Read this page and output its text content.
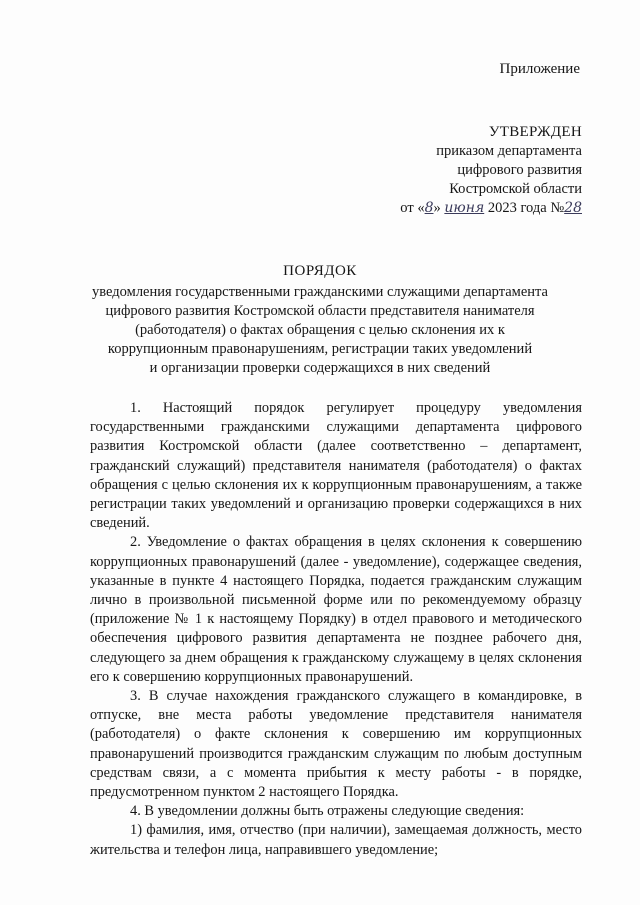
Приложение
УТВЕРЖДЕН
приказом департамента
цифрового развития
Костромской области
от «8» июня 2023 года №28
ПОРЯДОК
уведомления государственными гражданскими служащими департамента
цифрового развития Костромской области представителя нанимателя
(работодателя) о фактах обращения с целью склонения их к
коррупционным правонарушениям, регистрации таких уведомлений
и организации проверки содержащихся в них сведений

1. Настоящий порядок регулирует процедуру уведомления государственными гражданскими служащими департамента цифрового развития Костромской области (далее соответственно – департамент, гражданский служащий) представителя нанимателя (работодателя) о фактах обращения с целью склонения их к коррупционным правонарушениям, а также регистрации таких уведомлений и организацию проверки содержащихся в них сведений.

2. Уведомление о фактах обращения в целях склонения к совершению коррупционных правонарушений (далее - уведомление), содержащее сведения, указанные в пункте 4 настоящего Порядка, подается гражданским служащим лично в произвольной письменной форме или по рекомендуемому образцу (приложение № 1 к настоящему Порядку) в отдел правового и методического обеспечения цифрового развития департамента не позднее рабочего дня, следующего за днем обращения к гражданскому служащему в целях склонения его к совершению коррупционных правонарушений.

3. В случае нахождения гражданского служащего в командировке, в отпуске, вне места работы уведомление представителя нанимателя (работодателя) о факте склонения к совершению им коррупционных правонарушений производится гражданским служащим по любым доступным средствам связи, а с момента прибытия к месту работы - в порядке, предусмотренном пунктом 2 настоящего Порядка.

4. В уведомлении должны быть отражены следующие сведения:

1) фамилия, имя, отчество (при наличии), замещаемая должность, место жительства и телефон лица, направившего уведомление;
